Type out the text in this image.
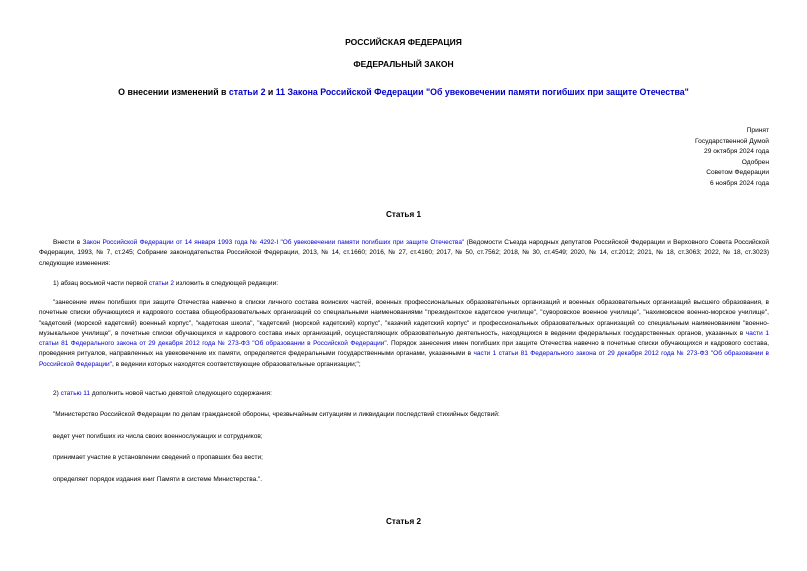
РОССИЙСКАЯ ФЕДЕРАЦИЯ
ФЕДЕРАЛЬНЫЙ ЗАКОН
О внесении изменений в статьи 2 и 11 Закона Российской Федерации "Об увековечении памяти погибших при защите Отечества"
Принят
Государственной Думой
29 октября 2024 года
Одобрен
Советом Федерации
6 ноября 2024 года
Статья 1

Внести в Закон Российской Федерации от 14 января 1993 года № 4292-I "Об увековечении памяти погибших при защите Отечества" (Ведомости Съезда народных депутатов Российской Федерации и Верховного Совета Российской Федерации, 1993, № 7, ст.245; Собрание законодательства Российской Федерации, 2013, № 14, ст.1660; 2016, № 27, ст.4160; 2017, № 50, ст.7562; 2018, № 30, ст.4549; 2020, № 14, ст.2012; 2021, № 18, ст.3063; 2022, № 18, ст.3023) следующие изменения:

1) абзац восьмой части первой статьи 2 изложить в следующей редакции:

"занесение имен погибших при защите Отечества навечно в списки личного состава воинских частей, военных профессиональных образовательных организаций и военных образовательных организаций высшего образования, в почетные списки обучающихся и кадрового состава общеобразовательных организаций со специальными наименованиями "президентское кадетское училище", "суворовское военное училище", "нахимовское военно-морское училище", "кадетский (морской кадетский) военный корпус", "кадетская школа", "кадетский (морской кадетский) корпус", "казачий кадетский корпус" и профессиональных образовательных организаций со специальным наименованием "военно-музыкальное училище", в почетные списки обучающихся и кадрового состава иных организаций, осуществляющих образовательную деятельность, находящихся в ведении федеральных государственных органов, указанных в части 1 статьи 81 Федерального закона от 29 декабря 2012 года № 273-ФЗ "Об образовании в Российской Федерации". Порядок занесения имен погибших при защите Отечества навечно в почетные списки обучающихся и кадрового состава, проведения ритуалов, направленных на увековечение их памяти, определяется федеральными государственными органами, указанными в части 1 статьи 81 Федерального закона от 29 декабря 2012 года № 273-ФЗ "Об образовании в Российской Федерации", в ведении которых находятся соответствующие образовательные организации;";

2) статью 11 дополнить новой частью девятой следующего содержания:

"Министерство Российской Федерации по делам гражданской обороны, чрезвычайным ситуациям и ликвидации последствий стихийных бедствий:

ведет учет погибших из числа своих военнослужащих и сотрудников;

принимает участие в установлении сведений о пропавших без вести;

определяет порядок издания книг Памяти в системе Министерства.".

Статья 2
